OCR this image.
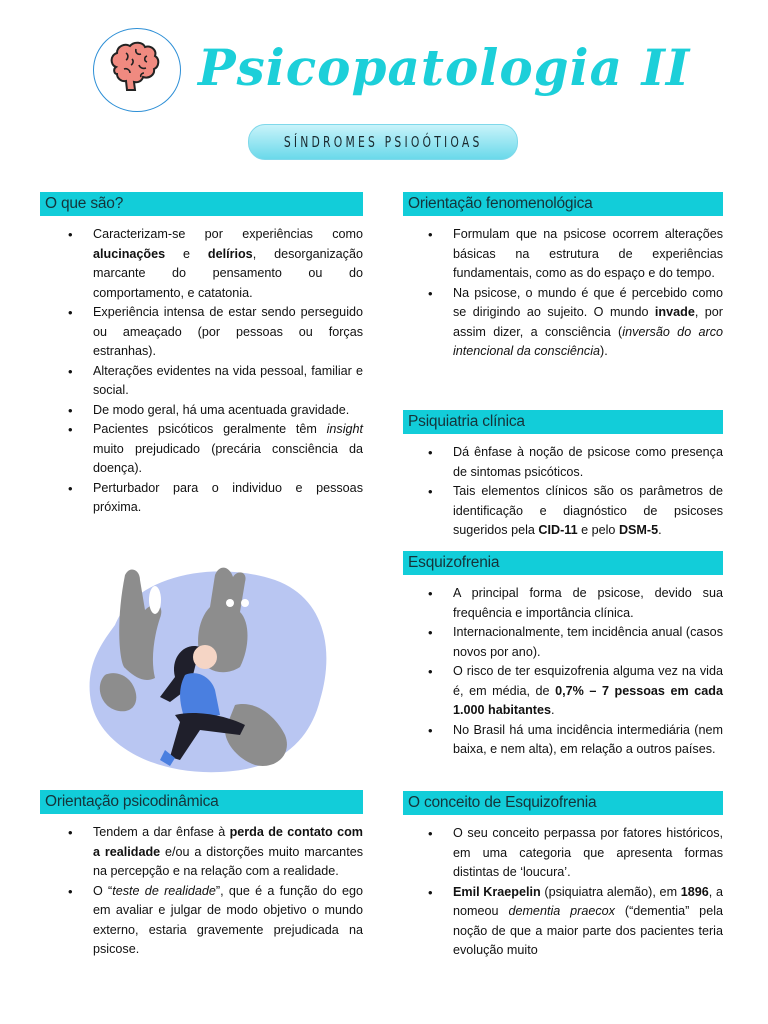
Psicopatologia II
SÍNDROMES PSIOÓTIOAS
O que são?
• Caracterizam-se por experiências como alucinações e delírios, desorganização marcante do pensamento ou do comportamento, e catatonia.
• Experiência intensa de estar sendo perseguido ou ameaçado (por pessoas ou forças estranhas).
• Alterações evidentes na vida pessoal, familiar e social.
• De modo geral, há uma acentuada gravidade.
• Pacientes psicóticos geralmente têm insight muito prejudicado (precária consciência da doença).
• Perturbador para o individuo e pessoas próxima.
Orientação psicodinâmica
• Tendem a dar ênfase à perda de contato com a realidade e/ou a distorções muito marcantes na percepção e na relação com a realidade.
• O “teste de realidade”, que é a função do ego em avaliar e julgar de modo objetivo o mundo externo, estaria gravemente prejudicada na psicose.
Orientação fenomenológica
• Formulam que na psicose ocorrem alterações básicas na estrutura de experiências fundamentais, como as do espaço e do tempo.
• Na psicose, o mundo é que é percebido como se dirigindo ao sujeito. O mundo invade, por assim dizer, a consciência (inversão do arco intencional da consciência).
Psiquiatria clínica
• Dá ênfase à noção de psicose como presença de sintomas psicóticos.
• Tais elementos clínicos são os parâmetros de identificação e diagnóstico de psicoses sugeridos pela CID-11 e pelo DSM-5.
Esquizofrenia
• A principal forma de psicose, devido sua frequência e importância clínica.
• Internacionalmente, tem incidência anual (casos novos por ano).
• O risco de ter esquizofrenia alguma vez na vida é, em média, de 0,7% – 7 pessoas em cada 1.000 habitantes.
• No Brasil há uma incidência intermediária (nem baixa, e nem alta), em relação a outros países.
O conceito de Esquizofrenia
• O seu conceito perpassa por fatores históricos, em uma categoria que apresenta formas distintas de ‘loucura’.
• Emil Kraepelin (psiquiatra alemão), em 1896, a nomeou dementia praecox (“dementia” pela noção de que a maior parte dos pacientes teria evolução muito
